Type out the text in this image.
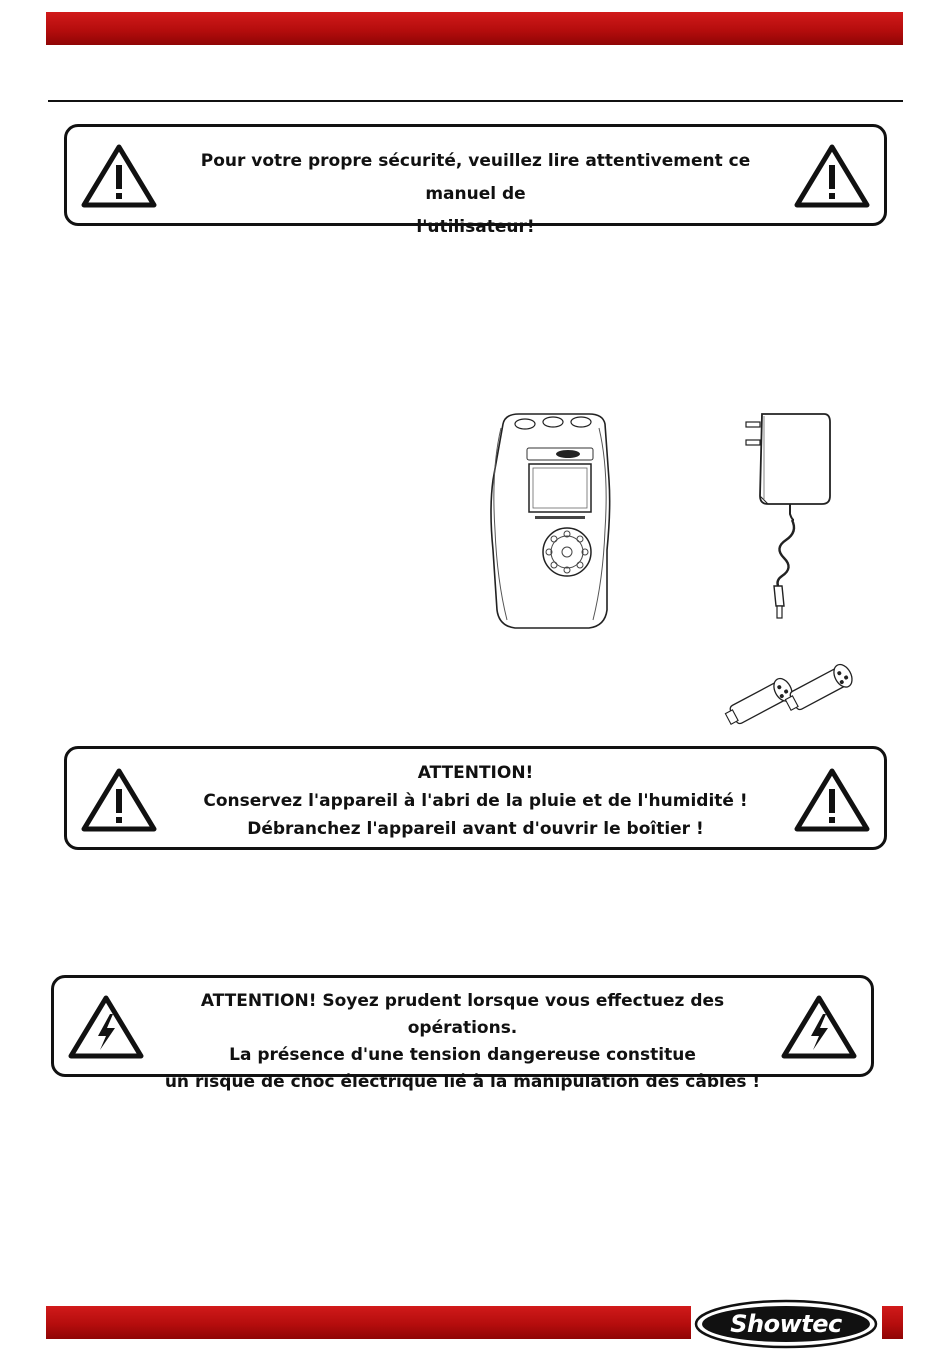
Pour votre propre sécurité, veuillez lire attentivement ce manuel de
l'utilisateur!
ATTENTION!
Conservez l'appareil à l'abri de la pluie et de l'humidité !
Débranchez l'appareil avant d'ouvrir le boîtier !
ATTENTION! Soyez prudent lorsque vous effectuez des opérations.
La présence d'une tension dangereuse constitue
un risque de choc électrique lié à la manipulation des câbles !
Showtec
